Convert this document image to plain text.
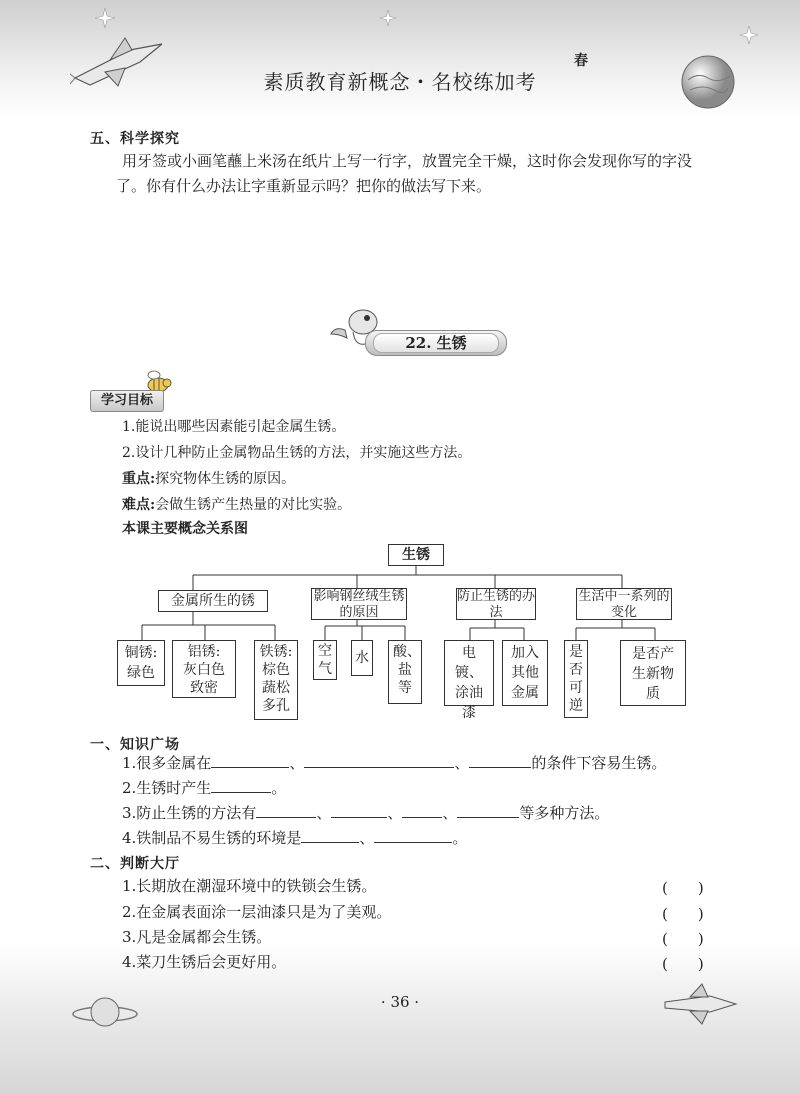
素质教育新概念・名校练加考
春
五、科学探究
用牙签或小画笔蘸上米汤在纸片上写一行字，放置完全干燥，这时你会发现你写的字没
了。你有什么办法让字重新显示吗？把你的做法写下来。
22. 生锈
学习目标
1.能说出哪些因素能引起金属生锈。
2.设计几种防止金属物品生锈的方法，并实施这些方法。
重点:探究物体生锈的原因。
难点:会做生锈产生热量的对比实验。
本课主要概念关系图
生锈
金属所生的锈	影响钢丝绒生锈的原因
防止生锈的办法
生活中一系列的变化
铜锈:
绿色
铝锈:
灰白色致密
铁锈:
棕色蔬松多孔
空气
水	酸、盐等
电镀、涂油漆
加入其他金属
是否可逆
是否产生新物质
一、知识广场
1.很多金属在	、	、	的条件下容易生锈。
2.生锈时产生	。
3.防止生锈的方法有	、	、	、	等多种方法。
4.铁制品不易生锈的环境是	、	。
二、判断大厅
1.长期放在潮湿环境中的铁锁会生锈。	(　　)
2.在金属表面涂一层油漆只是为了美观。	(　　)
3.凡是金属都会生锈。	(　　)
4.菜刀生锈后会更好用。	(　　)
· 36 ·
